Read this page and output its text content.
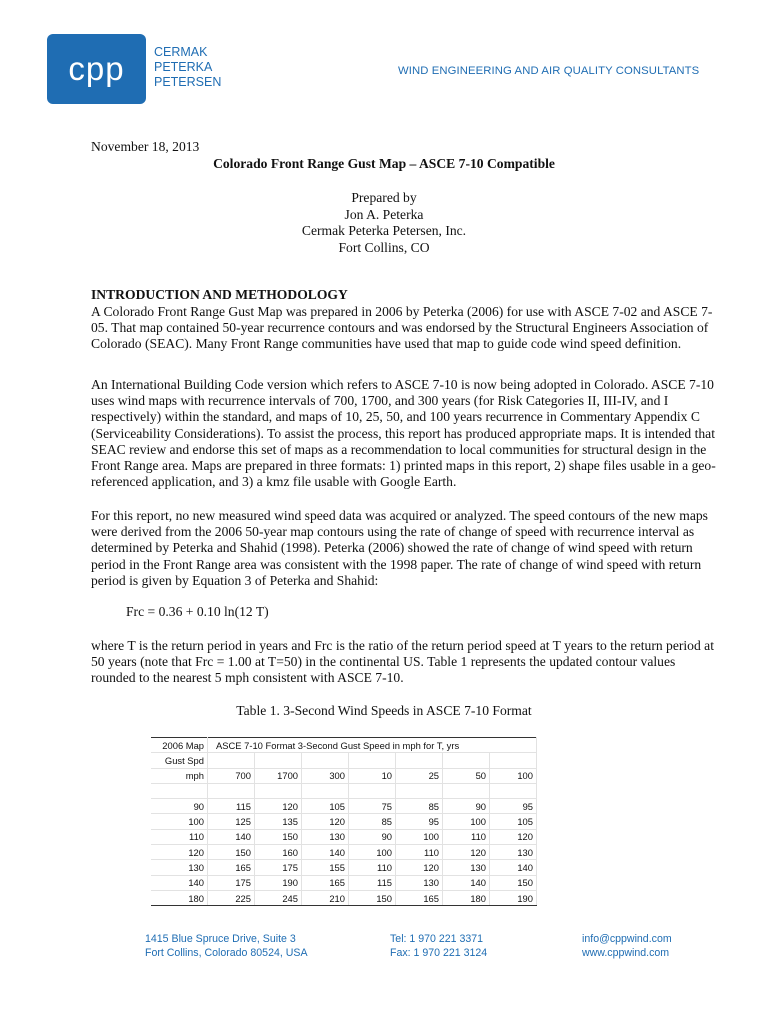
cpp CERMAK
PETERKA
PETERSEN
WIND ENGINEERING AND AIR QUALITY CONSULTANTS
November 18, 2013
Colorado Front Range Gust Map – ASCE 7-10 Compatible
Prepared by
Jon A. Peterka
Cermak Peterka Petersen, Inc.
Fort Collins, CO
INTRODUCTION AND METHODOLOGY
A Colorado Front Range Gust Map was prepared in 2006 by Peterka (2006) for use with ASCE 7-02 and ASCE 7-05. That map contained 50-year recurrence contours and was endorsed by the Structural Engineers Association of Colorado (SEAC). Many Front Range communities have used that map to guide code wind speed definition.
An International Building Code version which refers to ASCE 7-10 is now being adopted in Colorado. ASCE 7-10 uses wind maps with recurrence intervals of 700, 1700, and 300 years (for Risk Categories II, III-IV, and I respectively) within the standard, and maps of 10, 25, 50, and 100 years recurrence in Commentary Appendix C (Serviceability Considerations). To assist the process, this report has produced appropriate maps. It is intended that SEAC review and endorse this set of maps as a recommendation to local communities for structural design in the Front Range area. Maps are prepared in three formats: 1) printed maps in this report, 2) shape files usable in a geo-referenced application, and 3) a kmz file usable with Google Earth.
For this report, no new measured wind speed data was acquired or analyzed. The speed contours of the new maps were derived from the 2006 50-year map contours using the rate of change of speed with recurrence interval as determined by Peterka and Shahid (1998). Peterka (2006) showed the rate of change of wind speed with return period in the Front Range area was consistent with the 1998 paper. The rate of change of wind speed with return period is given by Equation 3 of Peterka and Shahid:
Frc = 0.36 + 0.10 ln(12 T)
where T is the return period in years and Frc is the ratio of the return period speed at T years to the return period at 50 years (note that Frc = 1.00 at T=50) in the continental US. Table 1 represents the updated contour values rounded to the nearest 5 mph consistent with ASCE 7-10.
Table 1. 3-Second Wind Speeds in ASCE 7-10 Format
2006 Map	ASCE 7-10 Format 3-Second Gust Speed in mph for T, yrs						
Gust Spd							
mph	700	1700	300	10	25	50	100

90	115	120	105	75	85	90	95
100	125	135	120	85	95	100	105
110	140	150	130	90	100	110	120
120	150	160	140	100	110	120	130
130	165	175	155	110	120	130	140
140	175	190	165	115	130	140	150
180	225	245	210	150	165	180	190
1415 Blue Spruce Drive, Suite 3
Fort Collins, Colorado 80524, USA
Tel: 1 970 221 3371
Fax: 1 970 221 3124
info@cppwind.com
www.cppwind.com
